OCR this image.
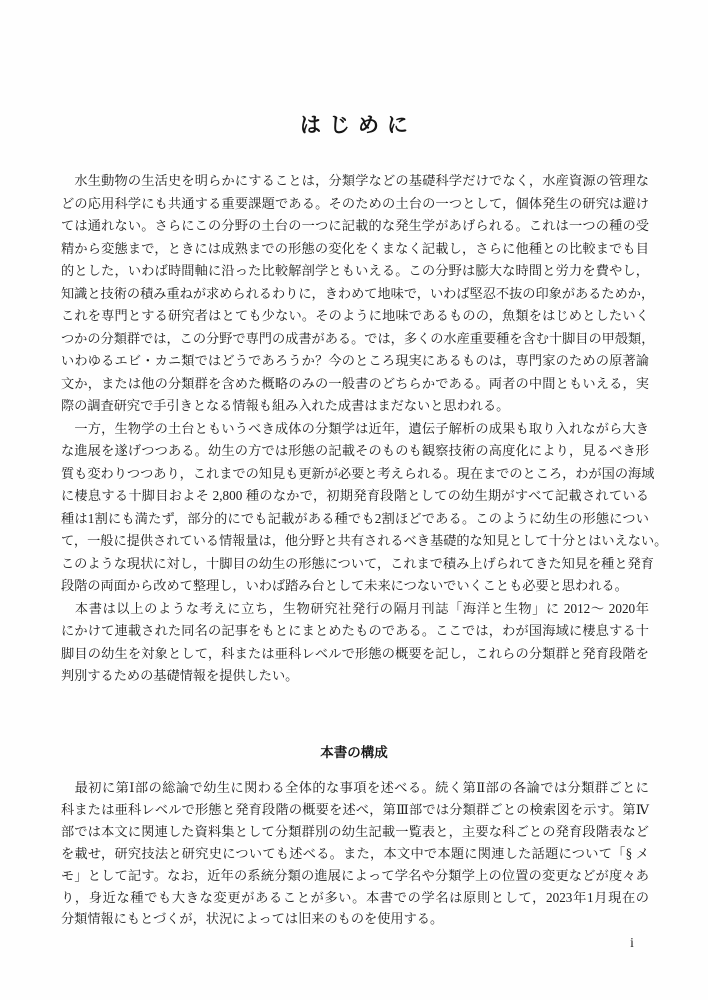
はじめに
　水生動物の生活史を明らかにすることは，分類学などの基礎科学だけでなく，水産資源の管理な
どの応用科学にも共通する重要課題である。そのための土台の一つとして，個体発生の研究は避け
ては通れない。さらにこの分野の土台の一つに記載的な発生学があげられる。これは一つの種の受
精から変態まで，ときには成熟までの形態の変化をくまなく記載し，さらに他種との比較までも目
的とした，いわば時間軸に沿った比較解剖学ともいえる。この分野は膨大な時間と労力を費やし，
知識と技術の積み重ねが求められるわりに，きわめて地味で，いわば堅忍不抜の印象があるためか，
これを専門とする研究者はとても少ない。そのように地味であるものの，魚類をはじめとしたいく
つかの分類群では，この分野で専門の成書がある。では，多くの水産重要種を含む十脚目の甲殻類，
いわゆるエビ・カニ類ではどうであろうか？今のところ現実にあるものは，専門家のための原著論
文か，または他の分類群を含めた概略のみの一般書のどちらかである。両者の中間ともいえる，実
際の調査研究で手引きとなる情報も組み入れた成書はまだないと思われる。
　一方，生物学の土台ともいうべき成体の分類学は近年，遺伝子解析の成果も取り入れながら大き
な進展を遂げつつある。幼生の方では形態の記載そのものも観察技術の高度化により，見るべき形
質も変わりつつあり，これまでの知見も更新が必要と考えられる。現在までのところ，わが国の海域
に棲息する十脚目およそ 2,800 種のなかで，初期発育段階としての幼生期がすべて記載されている
種は1割にも満たず，部分的にでも記載がある種でも2割ほどである。このように幼生の形態につい
て，一般に提供されている情報量は，他分野と共有されるべき基礎的な知見として十分とはいえない。
このような現状に対し，十脚目の幼生の形態について，これまで積み上げられてきた知見を種と発育
段階の両面から改めて整理し，いわば踏み台として未来につないでいくことも必要と思われる。
　本書は以上のような考えに立ち，生物研究社発行の隔月刊誌「海洋と生物」に 2012～ 2020年
にかけて連載された同名の記事をもとにまとめたものである。ここでは，わが国海域に棲息する十
脚目の幼生を対象として，科または亜科レベルで形態の概要を記し，これらの分類群と発育段階を
判別するための基礎情報を提供したい。
本書の構成
　最初に第Ⅰ部の総論で幼生に関わる全体的な事項を述べる。続く第Ⅱ部の各論では分類群ごとに
科または亜科レベルで形態と発育段階の概要を述べ，第Ⅲ部では分類群ごとの検索図を示す。第Ⅳ
部では本文に関連した資料集として分類群別の幼生記載一覧表と，主要な科ごとの発育段階表など
を載せ，研究技法と研究史についても述べる。また，本文中で本題に関連した話題について「§ メ
モ」として記す。なお，近年の系統分類の進展によって学名や分類学上の位置の変更などが度々あ
り，身近な種でも大きな変更があることが多い。本書での学名は原則として，2023年1月現在の
分類情報にもとづくが，状況によっては旧来のものを使用する。
i
